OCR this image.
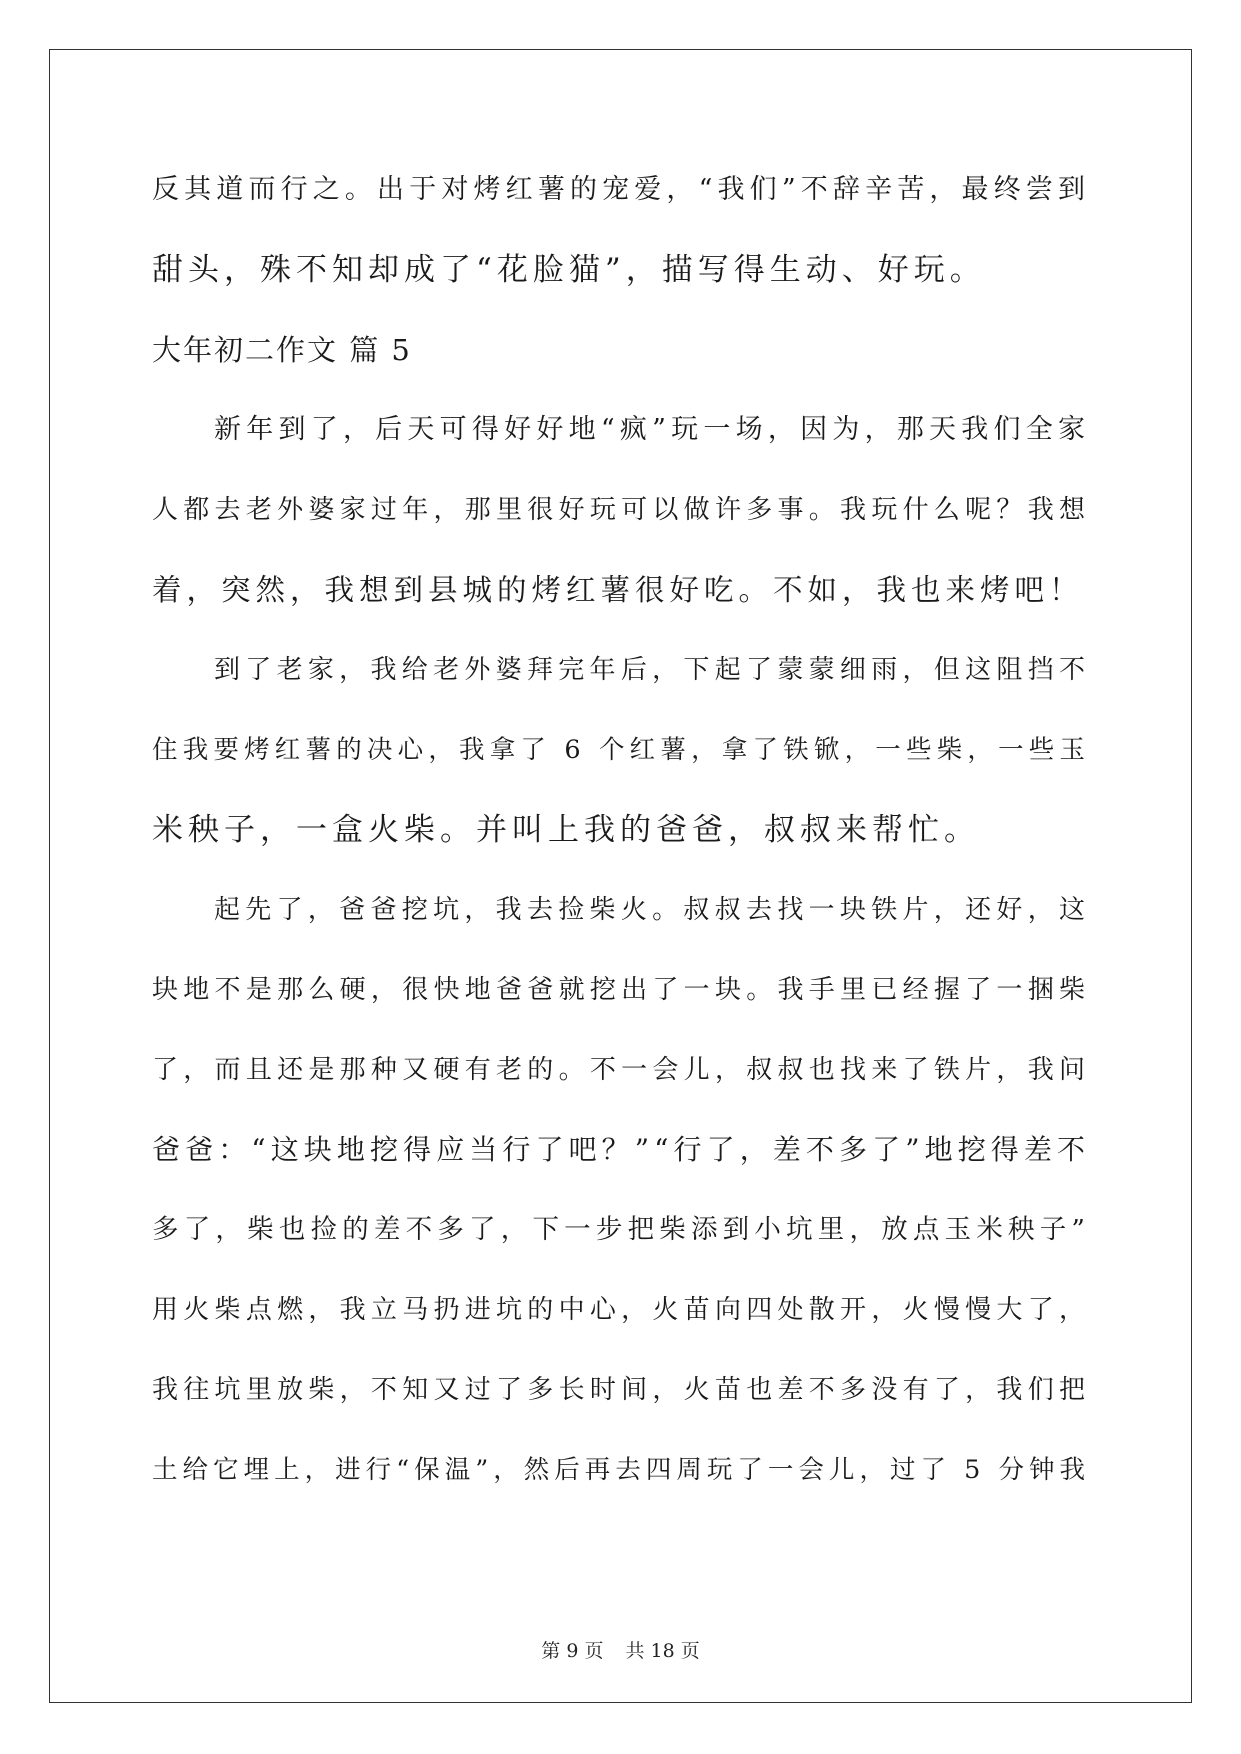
反其道而行之。出于对烤红薯的宠爱，“我们”不辞辛苦，最终尝到
甜头，殊不知却成了“花脸猫”，描写得生动、好玩。
大年初二作文 篇 5
新年到了，后天可得好好地“疯”玩一场，因为，那天我们全家
人都去老外婆家过年，那里很好玩可以做许多事。我玩什么呢？我想
着，突然，我想到县城的烤红薯很好吃。不如，我也来烤吧！
到了老家，我给老外婆拜完年后，下起了蒙蒙细雨，但这阻挡不
住我要烤红薯的决心，我拿了 6 个红薯，拿了铁锨，一些柴，一些玉
米秧子，一盒火柴。并叫上我的爸爸，叔叔来帮忙。
起先了，爸爸挖坑，我去捡柴火。叔叔去找一块铁片，还好，这
块地不是那么硬，很快地爸爸就挖出了一块。我手里已经握了一捆柴
了，而且还是那种又硬有老的。不一会儿，叔叔也找来了铁片，我问
爸爸：“这块地挖得应当行了吧？”“行了，差不多了”地挖得差不
多了，柴也捡的差不多了，下一步把柴添到小坑里，放点玉米秧子”
用火柴点燃，我立马扔进坑的中心，火苗向四处散开，火慢慢大了，
我往坑里放柴，不知又过了多长时间，火苗也差不多没有了，我们把
土给它埋上，进行“保温”，然后再去四周玩了一会儿，过了 5 分钟我
第 9 页 共 18 页
